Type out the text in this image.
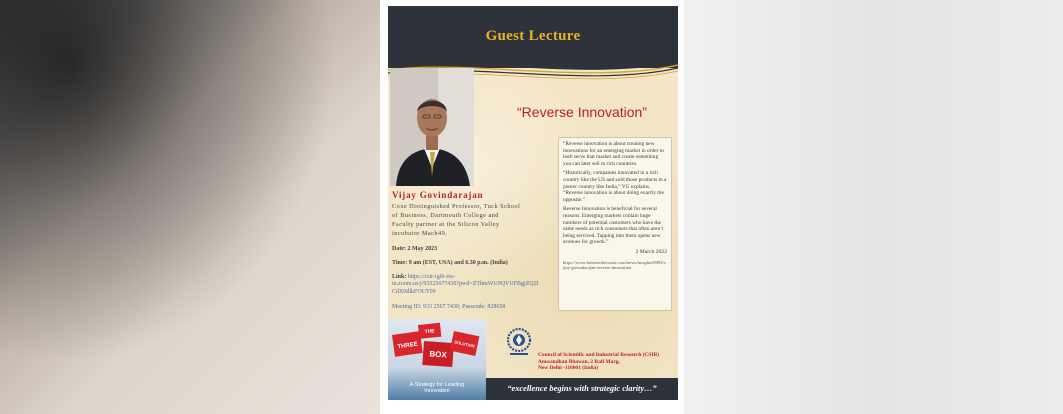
Guest Lecture
“Reverse Innovation”

“Reverse innovation is about creating new innovations for an emerging market in order to both serve that market and create something you can later sell in rich countries.

“Historically, companies innovated in a rich country like the US and sold those products in a poorer country like India,” VG explains. “Reverse innovation is about doing exactly the opposite.”

Reverse Innovation is beneficial for several reasons. Emerging markets contain huge numbers of potential customers who have the same needs as rich consumers that often aren’t being serviced. Tapping into them opens new avenues for growth.”

2 March 2022
https://www.businessbecause.com/news/insights/8093/vijay-govindarajan-reverse-innovation
Vijay Govindarajan
Coxe Distinguished Professor, Tuck School
of Business, Dartmouth College and
Faculty partner at the Silicon Valley
incubator Mach49.
Date: 2 May 2023
Time: 9 am (EST, USA) and 6.30 p.m. (India)
Link: https://csir-igib-res-
in.zoom.us/j/93325677430?pwd=ZThmWU9QVUFBgjZQ2I
CdX0dlkFOUT09
Meeting ID: 933 2567 7430; Passcode: 828658
THREE
THE
BOX
SOLUTION
A Strategy for Leading
Innovation
Council of Scientific and Industrial Research (CSIR)
Anusandhan Bhawan, 2 Rafi Marg,
New Delhi -110001 (India)
“excellence begins with strategic clarity…”
